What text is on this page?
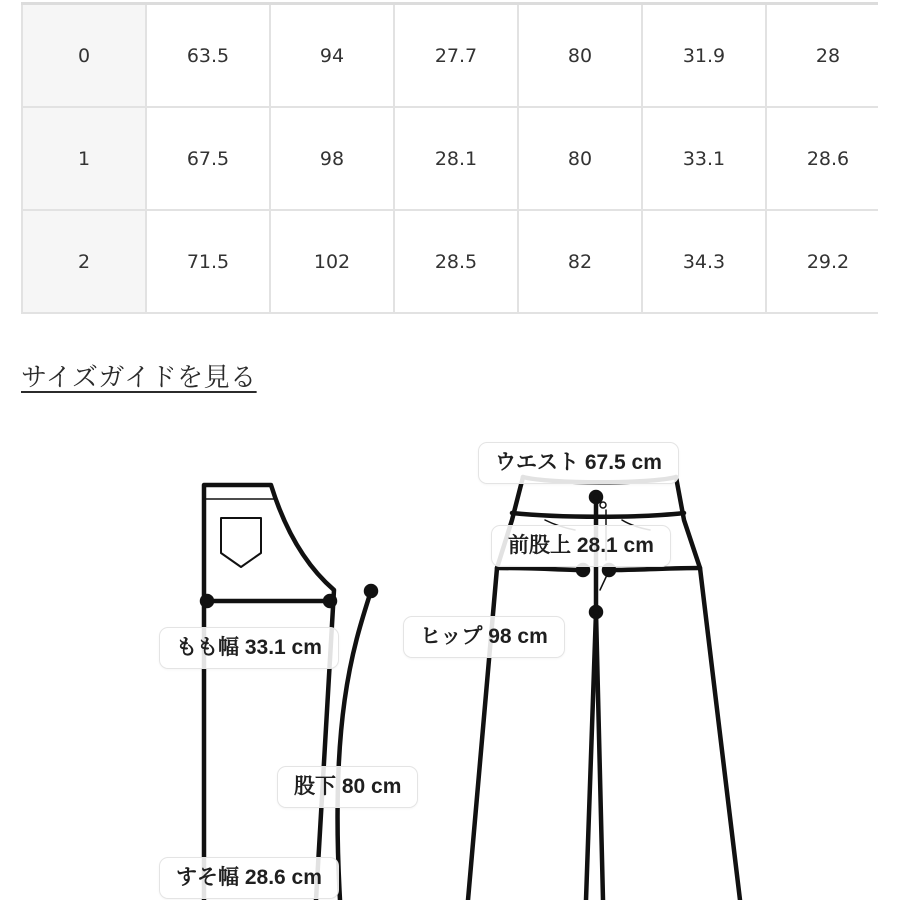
0	63.5	94	27.7	80	31.9	28
1	67.5	98	28.1	80	33.1	28.6
2	71.5	102	28.5	82	34.3	29.2
サイズガイドを見る
ウエスト 67.5 cm
前股上 28.1 cm
ヒップ 98 cm
もも幅 33.1 cm
股下 80 cm
すそ幅 28.6 cm
